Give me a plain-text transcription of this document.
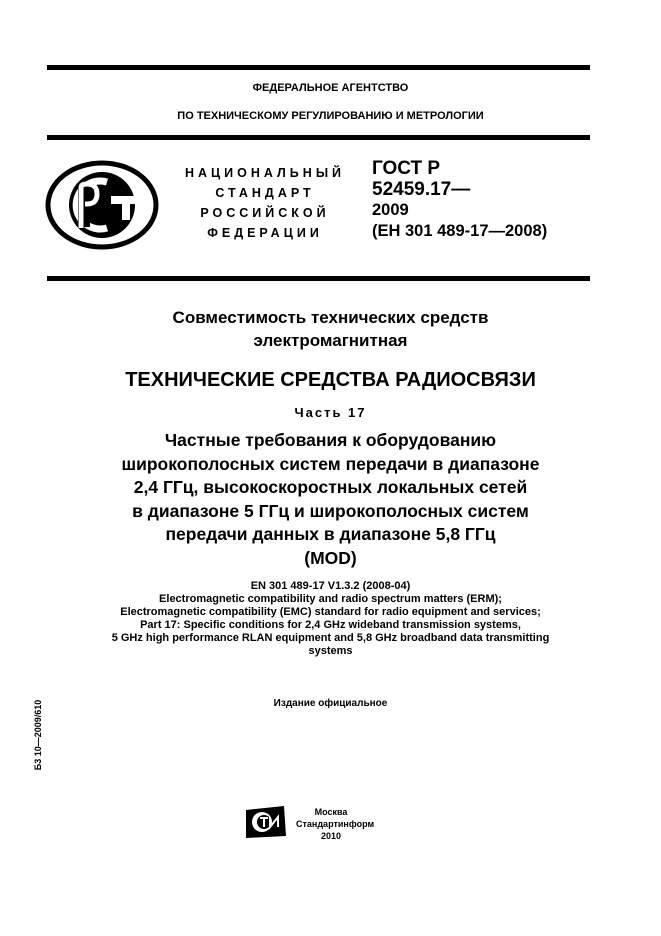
ФЕДЕРАЛЬНОЕ АГЕНТСТВО
ПО ТЕХНИЧЕСКОМУ РЕГУЛИРОВАНИЮ И МЕТРОЛОГИИ
НАЦИОНАЛЬНЫЙ
СТАНДАРТ
РОССИЙСКОЙ
ФЕДЕРАЦИИ
ГОСТ Р
52459.17—
2009
(ЕН 301 489-17—2008)
Совместимость технических средств
электромагнитная
ТЕХНИЧЕСКИЕ СРЕДСТВА РАДИОСВЯЗИ
Часть 17
Частные требования к оборудованию
широкополосных систем передачи в диапазоне
2,4 ГГц, высокоскоростных локальных сетей
в диапазоне 5 ГГц и широкополосных систем
передачи данных в диапазоне 5,8 ГГц
(MOD)
EN 301 489-17 V1.3.2 (2008-04)
Electromagnetic compatibility and radio spectrum matters (ERM);
Electromagnetic compatibility (EMC) standard for radio equipment and services;
Part 17: Specific conditions for 2,4 GHz wideband transmission systems,
5 GHz high performance RLAN equipment and 5,8 GHz broadband data transmitting
systems
Издание официальное
Б3 10—2009/610
Москва
Стандартинформ
2010
